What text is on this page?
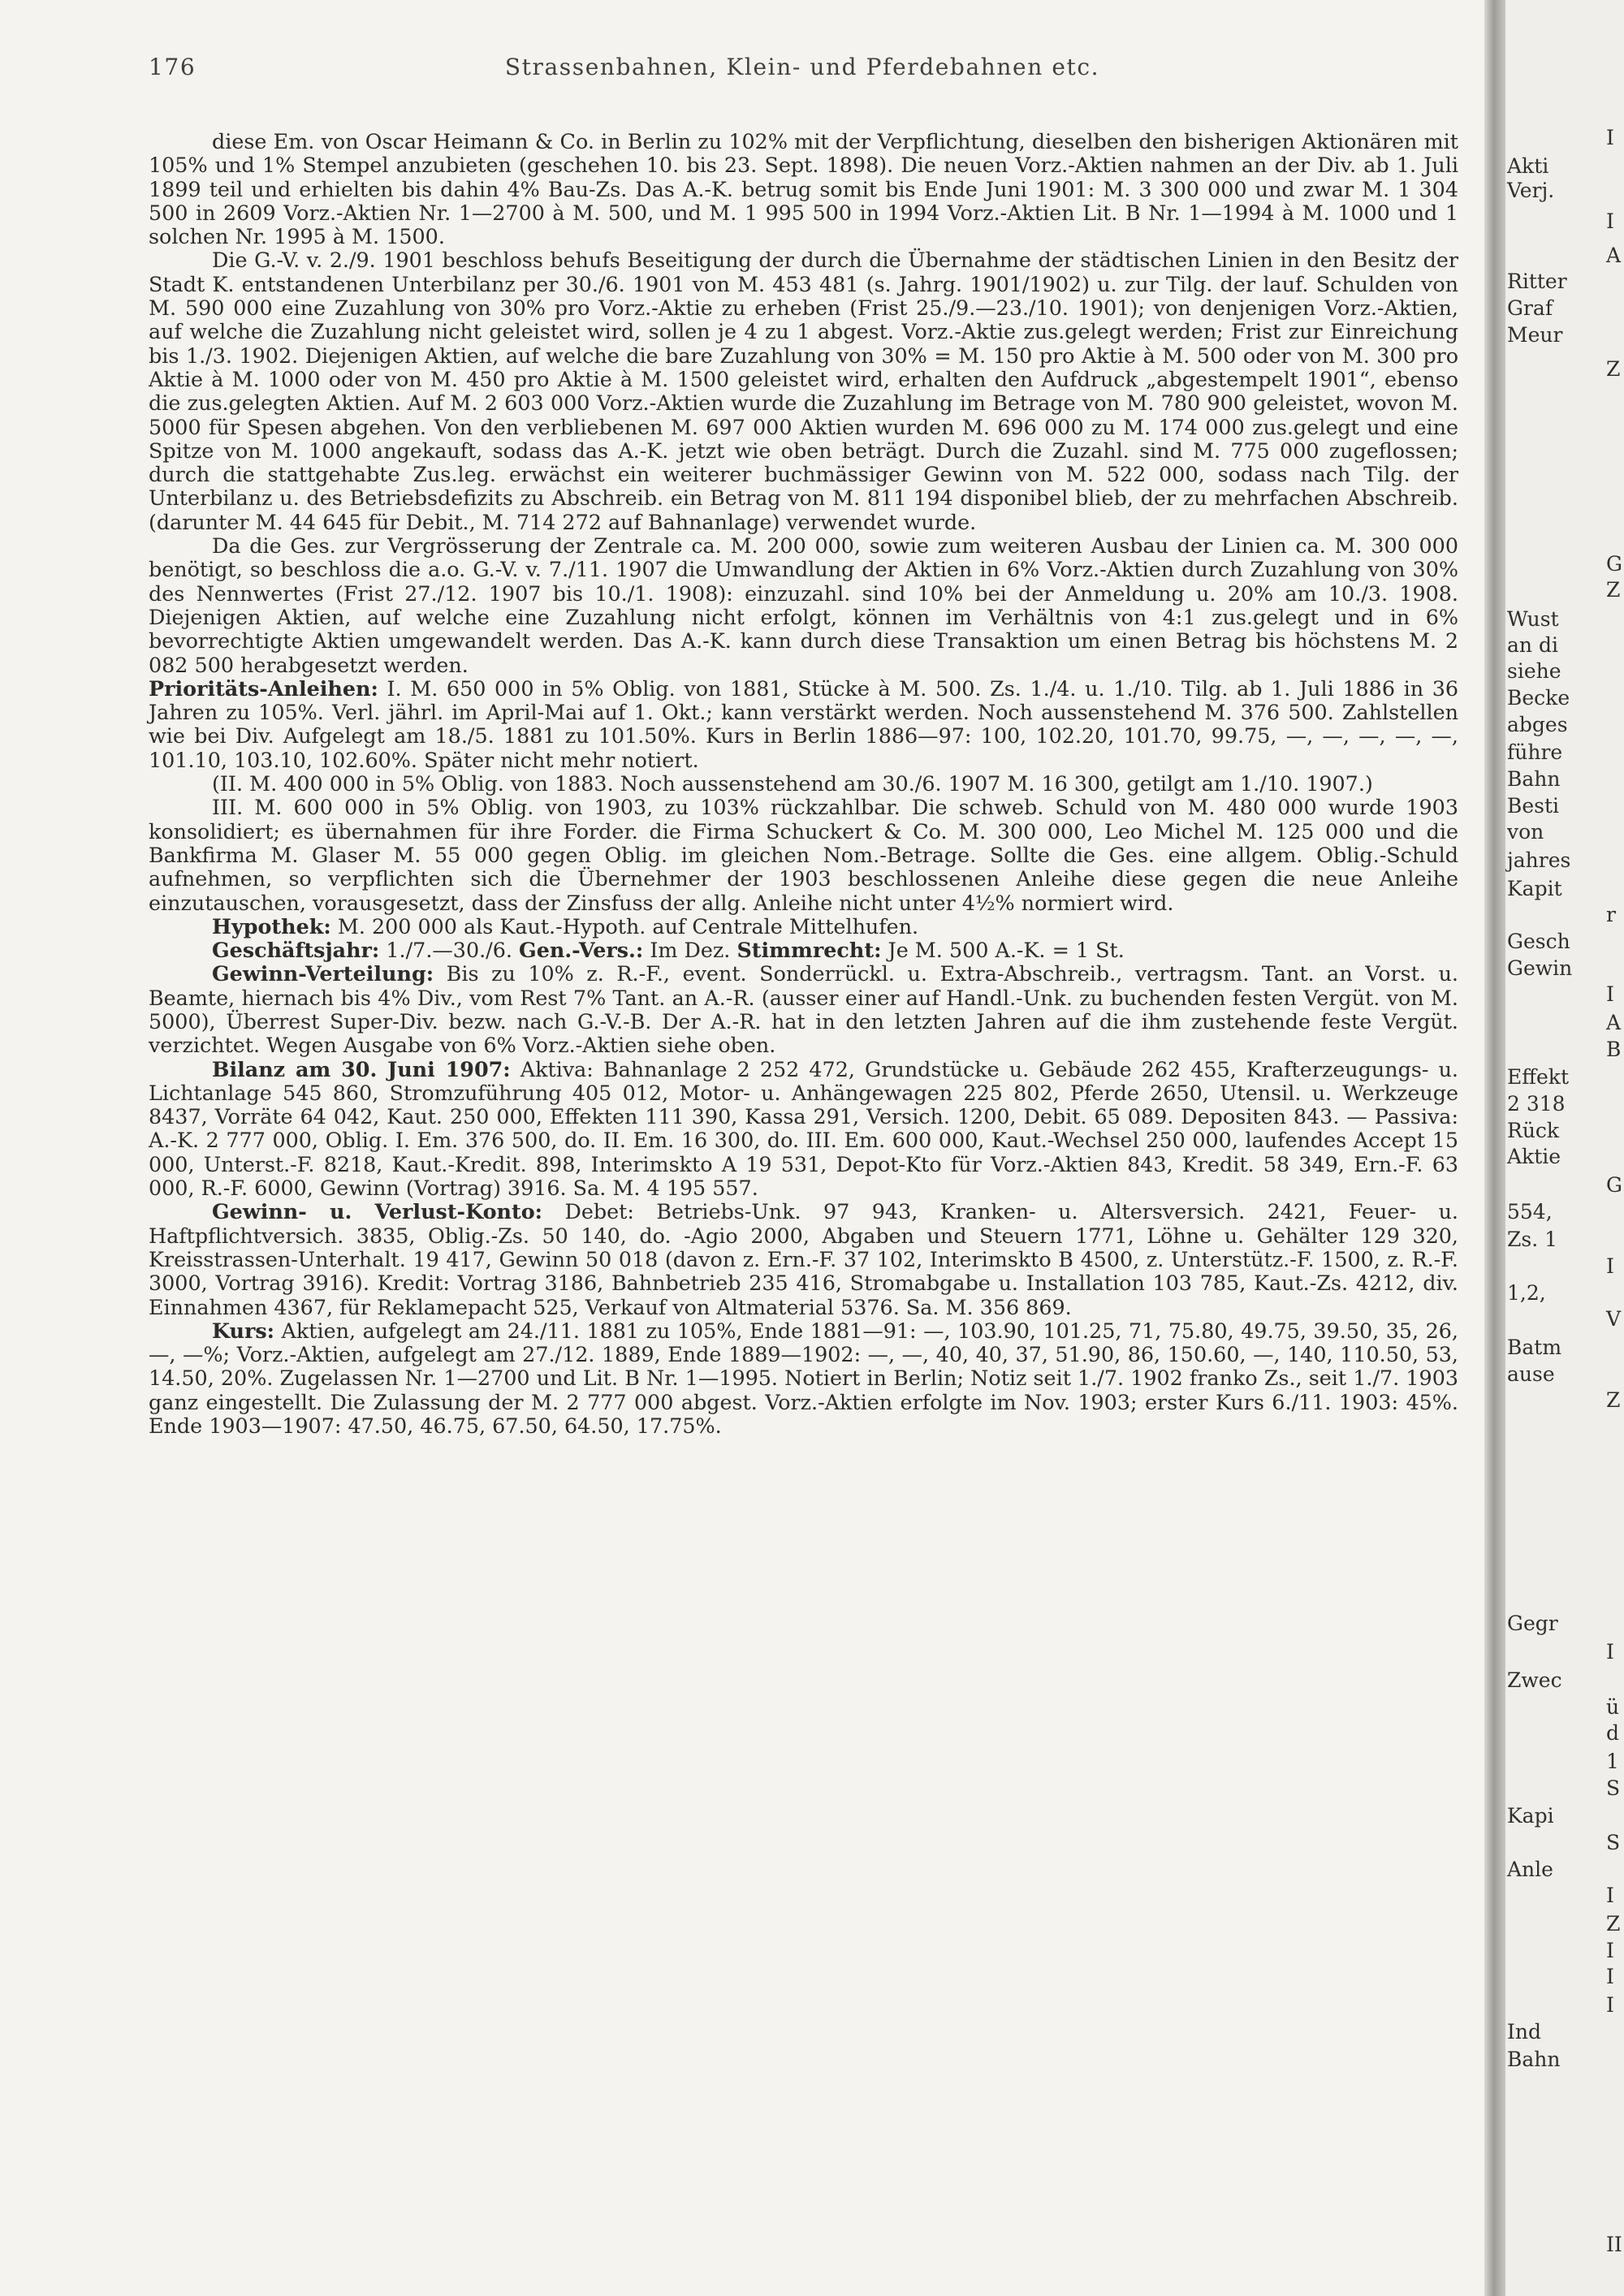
176	Strassenbahnen, Klein- und Pferdebahnen etc.

diese Em. von Oscar Heimann & Co. in Berlin zu 102% mit der Verpflichtung, dieselben den bisherigen Aktionären mit 105% und 1% Stempel anzubieten (geschehen 10. bis 23. Sept. 1898). Die neuen Vorz.-Aktien nahmen an der Div. ab 1. Juli 1899 teil und erhielten bis dahin 4% Bau-Zs. Das A.-K. betrug somit bis Ende Juni 1901: M. 3 300 000 und zwar M. 1 304 500 in 2609 Vorz.-Aktien Nr. 1—2700 à M. 500, und M. 1 995 500 in 1994 Vorz.-Aktien Lit. B Nr. 1—1994 à M. 1000 und 1 solchen Nr. 1995 à M. 1500.

Die G.-V. v. 2./9. 1901 beschloss behufs Beseitigung der durch die Übernahme der städtischen Linien in den Besitz der Stadt K. entstandenen Unterbilanz per 30./6. 1901 von M. 453 481 (s. Jahrg. 1901/1902) u. zur Tilg. der lauf. Schulden von M. 590 000 eine Zuzahlung von 30% pro Vorz.-Aktie zu erheben (Frist 25./9.—23./10. 1901); von denjenigen Vorz.-Aktien, auf welche die Zuzahlung nicht geleistet wird, sollen je 4 zu 1 abgest. Vorz.-Aktie zus.gelegt werden; Frist zur Einreichung bis 1./3. 1902. Diejenigen Aktien, auf welche die bare Zuzahlung von 30% = M. 150 pro Aktie à M. 500 oder von M. 300 pro Aktie à M. 1000 oder von M. 450 pro Aktie à M. 1500 geleistet wird, erhalten den Aufdruck „abgestempelt 1901“, ebenso die zus.gelegten Aktien. Auf M. 2 603 000 Vorz.-Aktien wurde die Zuzahlung im Betrage von M. 780 900 geleistet, wovon M. 5000 für Spesen abgehen. Von den verbliebenen M. 697 000 Aktien wurden M. 696 000 zu M. 174 000 zus.gelegt und eine Spitze von M. 1000 angekauft, sodass das A.-K. jetzt wie oben beträgt. Durch die Zuzahl. sind M. 775 000 zugeflossen; durch die stattgehabte Zus.leg. erwächst ein weiterer buchmässiger Gewinn von M. 522 000, sodass nach Tilg. der Unterbilanz u. des Betriebsdefizits zu Abschreib. ein Betrag von M. 811 194 disponibel blieb, der zu mehrfachen Abschreib. (darunter M. 44 645 für Debit., M. 714 272 auf Bahnanlage) verwendet wurde.

Da die Ges. zur Vergrösserung der Zentrale ca. M. 200 000, sowie zum weiteren Ausbau der Linien ca. M. 300 000 benötigt, so beschloss die a.o. G.-V. v. 7./11. 1907 die Umwandlung der Aktien in 6% Vorz.-Aktien durch Zuzahlung von 30% des Nennwertes (Frist 27./12. 1907 bis 10./1. 1908): einzuzahl. sind 10% bei der Anmeldung u. 20% am 10./3. 1908. Diejenigen Aktien, auf welche eine Zuzahlung nicht erfolgt, können im Verhältnis von 4:1 zus.gelegt und in 6% bevorrechtigte Aktien umgewandelt werden. Das A.-K. kann durch diese Transaktion um einen Betrag bis höchstens M. 2 082 500 herabgesetzt werden.

Prioritäts-Anleihen: I. M. 650 000 in 5% Oblig. von 1881, Stücke à M. 500. Zs. 1./4. u. 1./10. Tilg. ab 1. Juli 1886 in 36 Jahren zu 105%. Verl. jährl. im April-Mai auf 1. Okt.; kann verstärkt werden. Noch aussenstehend M. 376 500. Zahlstellen wie bei Div. Aufgelegt am 18./5. 1881 zu 101.50%. Kurs in Berlin 1886—97: 100, 102.20, 101.70, 99.75, —, —, —, —, —, 101.10, 103.10, 102.60%. Später nicht mehr notiert.

(II. M. 400 000 in 5% Oblig. von 1883. Noch aussenstehend am 30./6. 1907 M. 16 300, getilgt am 1./10. 1907.)

III. M. 600 000 in 5% Oblig. von 1903, zu 103% rückzahlbar. Die schweb. Schuld von M. 480 000 wurde 1903 konsolidiert; es übernahmen für ihre Forder. die Firma Schuckert & Co. M. 300 000, Leo Michel M. 125 000 und die Bankfirma M. Glaser M. 55 000 gegen Oblig. im gleichen Nom.-Betrage. Sollte die Ges. eine allgem. Oblig.-Schuld aufnehmen, so verpflichten sich die Übernehmer der 1903 beschlossenen Anleihe diese gegen die neue Anleihe einzutauschen, vorausgesetzt, dass der Zinsfuss der allg. Anleihe nicht unter 4½% normiert wird.

Hypothek: M. 200 000 als Kaut.-Hypoth. auf Centrale Mittelhufen.

Geschäftsjahr: 1./7.—30./6. Gen.-Vers.: Im Dez. Stimmrecht: Je M. 500 A.-K. = 1 St.

Gewinn-Verteilung: Bis zu 10% z. R.-F., event. Sonderrückl. u. Extra-Abschreib., vertragsm. Tant. an Vorst. u. Beamte, hiernach bis 4% Div., vom Rest 7% Tant. an A.-R. (ausser einer auf Handl.-Unk. zu buchenden festen Vergüt. von M. 5000), Überrest Super-Div. bezw. nach G.-V.-B. Der A.-R. hat in den letzten Jahren auf die ihm zustehende feste Vergüt. verzichtet. Wegen Ausgabe von 6% Vorz.-Aktien siehe oben.

Bilanz am 30. Juni 1907: Aktiva: Bahnanlage 2 252 472, Grundstücke u. Gebäude 262 455, Krafterzeugungs- u. Lichtanlage 545 860, Stromzuführung 405 012, Motor- u. Anhängewagen 225 802, Pferde 2650, Utensil. u. Werkzeuge 8437, Vorräte 64 042, Kaut. 250 000, Effekten 111 390, Kassa 291, Versich. 1200, Debit. 65 089. Depositen 843. — Passiva: A.-K. 2 777 000, Oblig. I. Em. 376 500, do. II. Em. 16 300, do. III. Em. 600 000, Kaut.-Wechsel 250 000, laufendes Accept 15 000, Unterst.-F. 8218, Kaut.-Kredit. 898, Interimskto A 19 531, Depot-Kto für Vorz.-Aktien 843, Kredit. 58 349, Ern.-F. 63 000, R.-F. 6000, Gewinn (Vortrag) 3916. Sa. M. 4 195 557.

Gewinn- u. Verlust-Konto: Debet: Betriebs-Unk. 97 943, Kranken- u. Altersversich. 2421, Feuer- u. Haftpflichtversich. 3835, Oblig.-Zs. 50 140, do. -Agio 2000, Abgaben und Steuern 1771, Löhne u. Gehälter 129 320, Kreisstrassen-Unterhalt. 19 417, Gewinn 50 018 (davon z. Ern.-F. 37 102, Interimskto B 4500, z. Unterstütz.-F. 1500, z. R.-F. 3000, Vortrag 3916). Kredit: Vortrag 3186, Bahnbetrieb 235 416, Stromabgabe u. Installation 103 785, Kaut.-Zs. 4212, div. Einnahmen 4367, für Reklamepacht 525, Verkauf von Altmaterial 5376. Sa. M. 356 869.

Kurs: Aktien, aufgelegt am 24./11. 1881 zu 105%, Ende 1881—91: —, 103.90, 101.25, 71, 75.80, 49.75, 39.50, 35, 26, —, —%; Vorz.-Aktien, aufgelegt am 27./12. 1889, Ende 1889—1902: —, —, 40, 40, 37, 51.90, 86, 150.60, —, 140, 110.50, 53, 14.50, 20%. Zugelassen Nr. 1—2700 und Lit. B Nr. 1—1995. Notiert in Berlin; Notiz seit 1./7. 1902 franko Zs., seit 1./7. 1903 ganz eingestellt. Die Zulassung der M. 2 777 000 abgest. Vorz.-Aktien erfolgte im Nov. 1903; erster Kurs 6./11. 1903: 45%. Ende 1903—1907: 47.50, 46.75, 67.50, 64.50, 17.75%.

I
Akti
Verj.
I
A
Ritter
Graf
Meur
Z
G
Z
Wust
an di
siehe
Becke
abges
führe
Bahn
Besti
von
jahres
Kapit
r
Gesch
Gewin
I
A
B
Effekt
2 318
Rück
Aktie
G
554,
Zs. 1
I
1,2,
V
Batm
ause
Z
Gegr
I
Zwec
ü
d
1
S
Kapi
S
Anle
I
Z
I
I
I
Ind
Bahn
II
